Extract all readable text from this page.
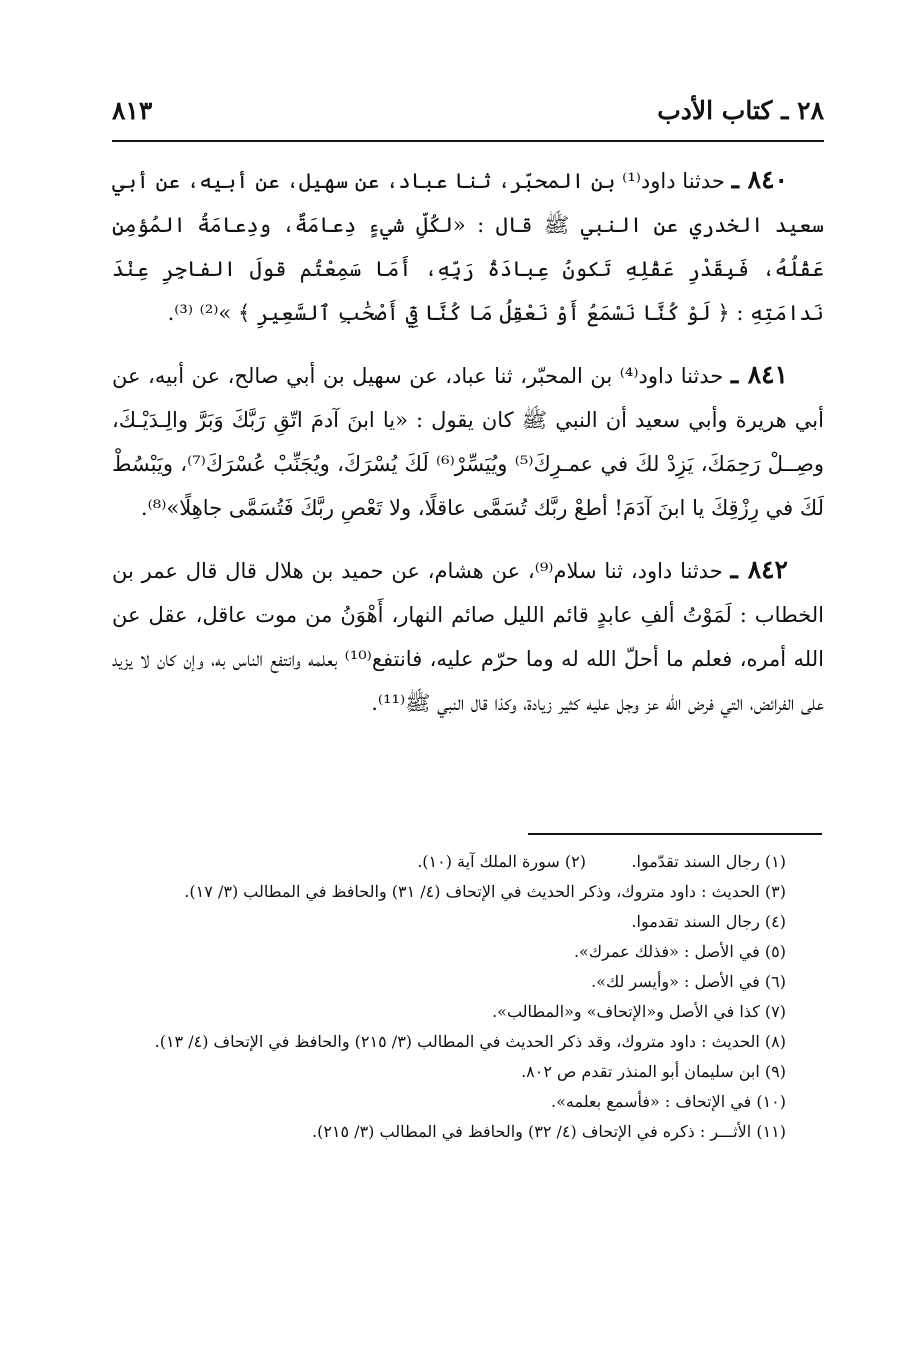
٢٨ ـ كتاب الأدب
٨١٣

٨٤٠ ـ حدثنا داود⁽¹⁾ بن المحبّر، ثنا عباد، عن سهيل، عن أبيه، عن أبي سعيد الخدري عن النبي ﷺ قال : «لكُلِّ شيءٍ دِعامَةٌ، ودِعامَةُ المُؤمِنِ عَقْلُهُ، فَبِقَدْرِ عَقْلِهِ تَكونُ عِبادَةُ رَبِّهِ، أَمَا سَمِعْتُم قولَ الفاجِرِ عِنْدَ نَدامَتِهِ : ﴿ لَوْ كُنَّا نَسْمَعُ أَوْ نَعْقِلُ مَا كُنَّا فِيٓ أَصْحَٰبِ ٱلسَّعِيرِ ﴾ »⁽²⁾ ⁽³⁾.

٨٤١ ـ حدثنا داود⁽⁴⁾ بن المحبّر، ثنا عباد، عن سهيل بن أبي صالح، عن أبيه، عن أبي هريرة وأبي سعيد أن النبي ﷺ كان يقول : «يا ابنَ آدمَ اتّقِ رَبَّكَ وَبَرَّ والِـدَيْـكَ، وصِــلْ رَحِمَكَ، يَزِدْ لكَ في عمـرِكَ⁽⁵⁾ ويُيَسِّرْ⁽⁶⁾ لَكَ يُسْرَكَ، ويُجَنِّبْ عُسْرَكَ⁽⁷⁾، ويَبْسُطْ لَكَ في رِزْقِكَ يا ابنَ آدَمَ! أطعْ ربَّك تُسَمَّى عاقلًا، ولا تَعْصِ ربَّكَ فَتُسَمَّى جاهِلًا»⁽⁸⁾.

٨٤٢ ـ حدثنا داود، ثنا سلام⁽⁹⁾، عن هشام، عن حميد بن هلال قال قال عمر بن الخطاب : لَمَوْتُ ألفِ عابدٍ قائم الليل صائم النهار، أَهْوَنُ من موت عاقل، عقل عن الله أمره، فعلم ما أحلّ الله له وما حرّم عليه، فانتفع⁽¹⁰⁾ بعلمه وانتفع الناس به، وإن كان لا يزيد على الفرائض، التي فرض الله عز وجل عليه كثير زيادة، وكذا قال النبي ﷺ⁽¹¹⁾.

(١) رجال السند تقدّموا.
(٢) سورة الملك آية (١٠).

(٣) الحديث : داود متروك، وذكر الحديث في الإتحاف (٤/ ٣١) والحافظ في المطالب (٣/ ١٧).

(٤) رجال السند تقدموا.

(٥) في الأصل : «فذلك عمرك».

(٦) في الأصل : «وأيسر لك».

(٧) كذا في الأصل و«الإتحاف» و«المطالب».

(٨) الحديث : داود متروك، وقد ذكر الحديث في المطالب (٣/ ٢١٥) والحافظ في الإتحاف (٤/ ١٣).

(٩) ابن سليمان أبو المنذر تقدم ص ٨٠٢.

(١٠) في الإتحاف : «فأسمع بعلمه».

(١١) الأثـــر : ذكره في الإتحاف (٤/ ٣٢) والحافظ في المطالب (٣/ ٢١٥).
